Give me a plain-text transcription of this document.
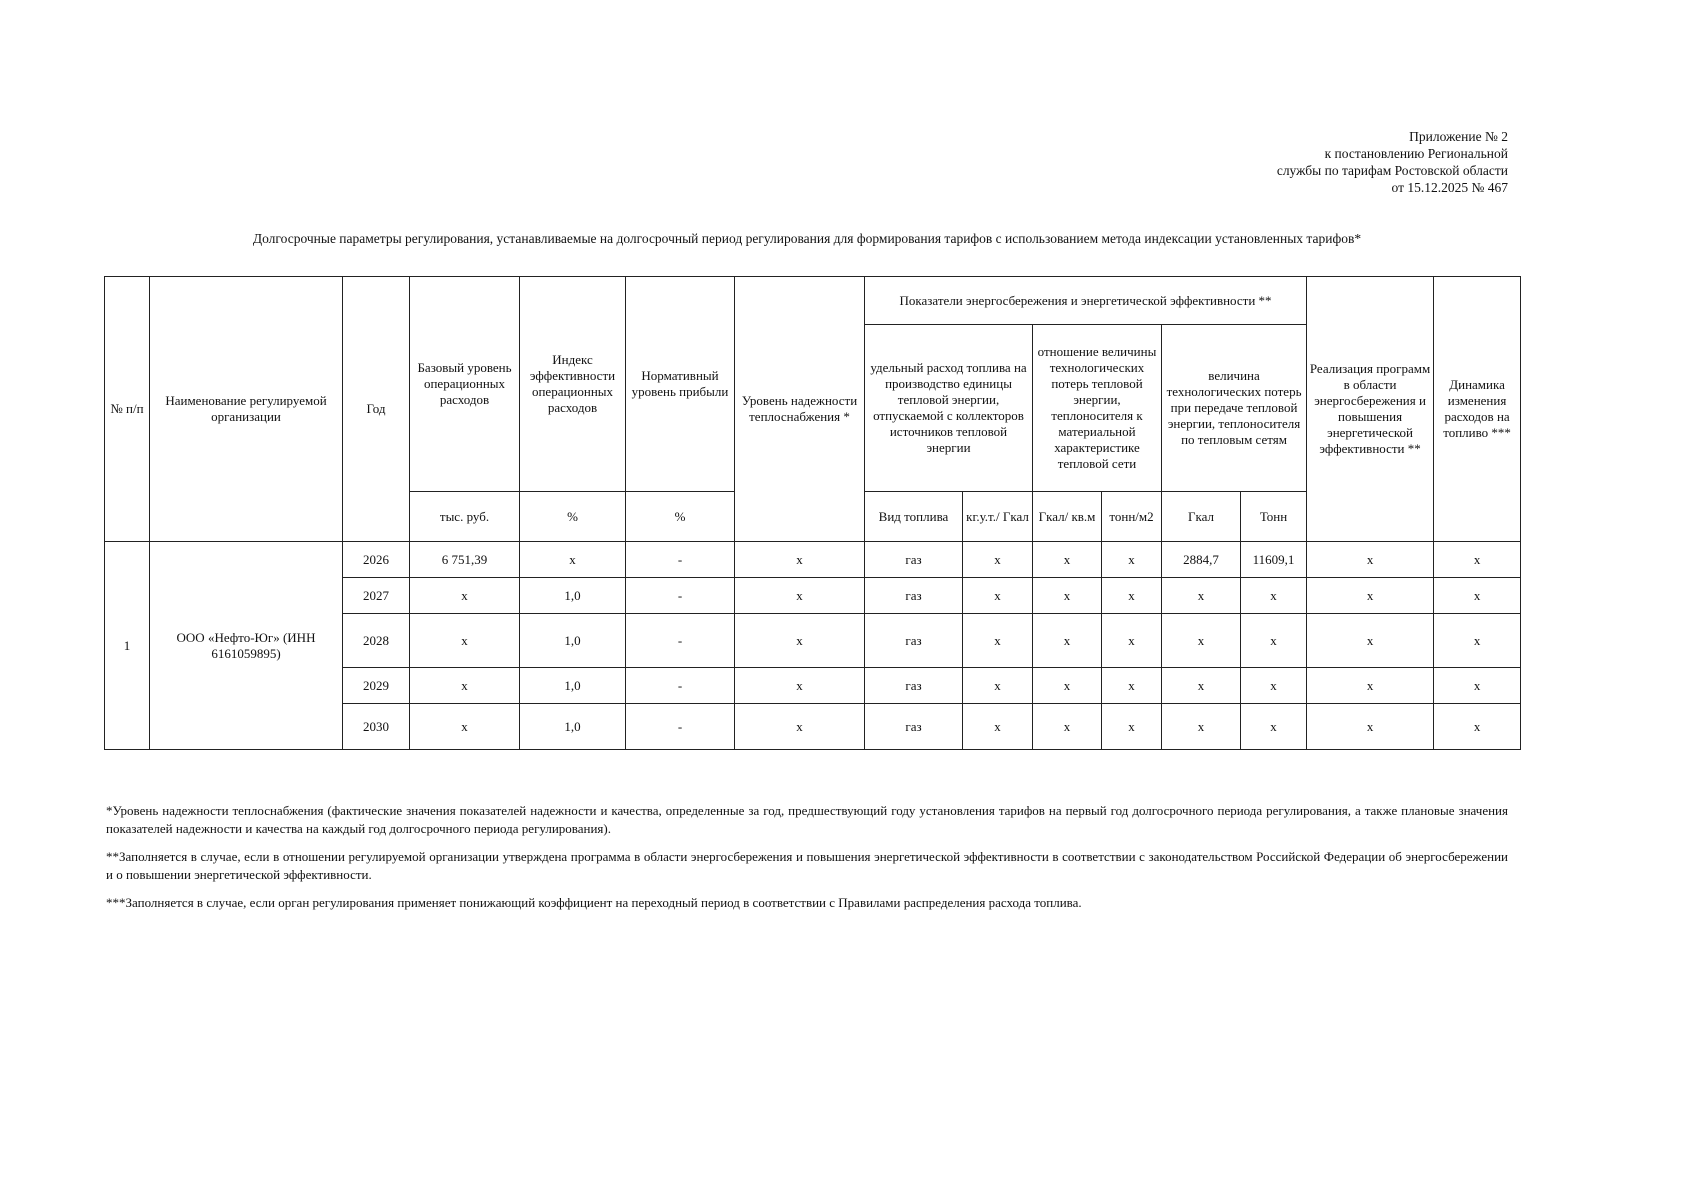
Приложение № 2
к постановлению Региональной
службы по тарифам Ростовской области
от 15.12.2025 № 467
Долгосрочные параметры регулирования, устанавливаемые на долгосрочный период регулирования для формирования тарифов с использованием метода индексации установленных тарифов*
№ п/п	Наименование регулируемой организации	Год	Базовый уровень операционных расходов	Индекс эффективности операционных расходов	Нормативный уровень прибыли	Уровень надежности теплоснабжения *	Показатели энергосбережения и энергетической эффективности **						Реализация программ в области энергосбережения и повышения энергетической эффективности **	Динамика изменения расходов на топливо ***
							удельный расход топлива на производство единицы тепловой энергии, отпускаемой с коллекторов источников тепловой энергии		отношение величины технологических потерь тепловой энергии, теплоносителя к материальной характеристике тепловой сети		величина технологических потерь при передаче тепловой энергии, теплоносителя по тепловым сетям			
			тыс. руб.	%	%		Вид топлива	кг.у.т./ Гкал	Гкал/ кв.м	тонн/м2	Гкал	Тонн		
1	ООО «Нефто-Юг» (ИНН 6161059895)	2026	6 751,39	x	-	x	газ	x	x	x	2884,7	11609,1	x	x
		2027	x	1,0	-	x	газ	x	x	x	x	x	x	x
		2028	x	1,0	-	x	газ	x	x	x	x	x	x	x
		2029	x	1,0	-	x	газ	x	x	x	x	x	x	x
		2030	x	1,0	-	x	газ	x	x	x	x	x	x	x

*Уровень надежности теплоснабжения (фактические значения показателей надежности и качества, определенные за год, предшествующий году установления тарифов на первый год долгосрочного периода регулирования, а также плановые значения показателей надежности и качества на каждый год долгосрочного периода регулирования).

**Заполняется в случае, если в отношении регулируемой организации утверждена программа в области энергосбережения и повышения энергетической эффективности в соответствии с законодательством Российской Федерации об энергосбережении и о повышении энергетической эффективности.

***Заполняется в случае, если орган регулирования применяет понижающий коэффициент на переходный период в соответствии с Правилами распределения расхода топлива.
